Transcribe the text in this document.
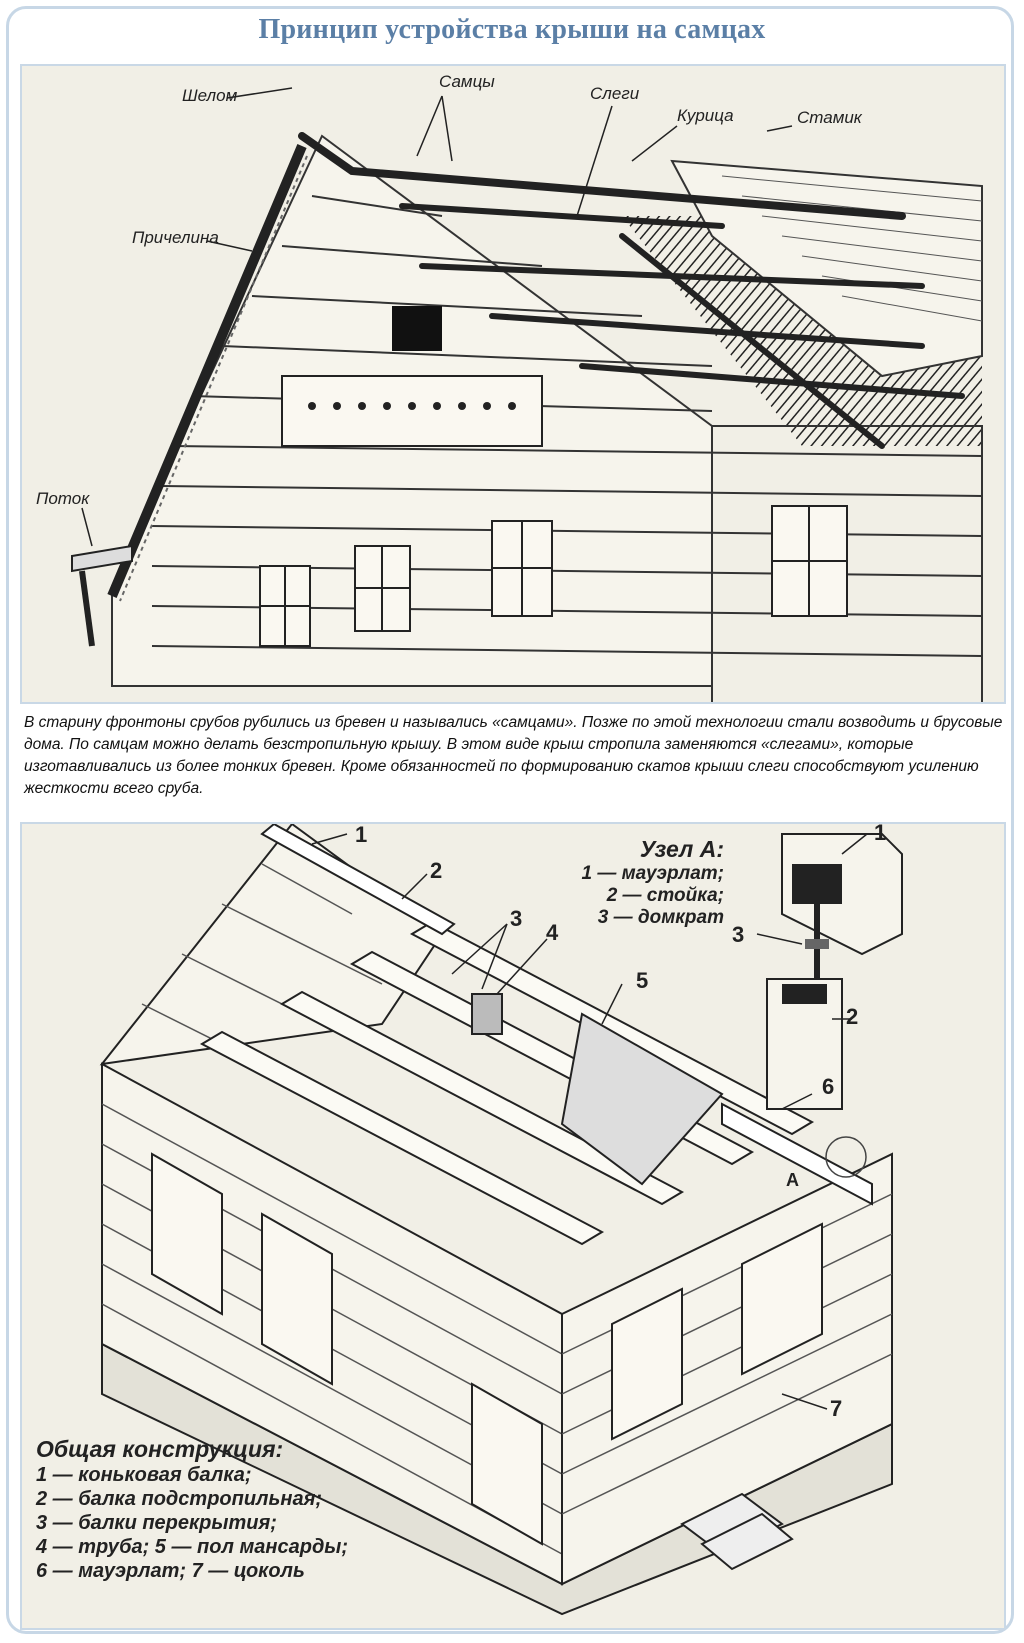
Принцип устройства крыши на самцах
Шелом
Самцы
Слеги
Курица	Стамик
Причелина
Поток
В старину фронтоны срубов рубились из бревен и назывались «самцами». Позже по этой технологии стали возводить и брусовые дома. По самцам можно делать безстропильную крышу. В этом виде крыш стропила заменяются «слегами», которые изготавливались из более тонких бревен. Кроме обязанностей по формированию скатов крыши слеги способствуют усилению жесткости всего сруба.
1
2
3
4
5
6
7
А
1
2
3
Узел А:
1 — мауэрлат;
2 — стойка;
3 — домкрат
Общая конструкция:
1 — коньковая балка;
2 — балка подстропильная;
3 — балки перекрытия;
4 — труба; 5 — пол мансарды;
6 — мауэрлат; 7 — цоколь
